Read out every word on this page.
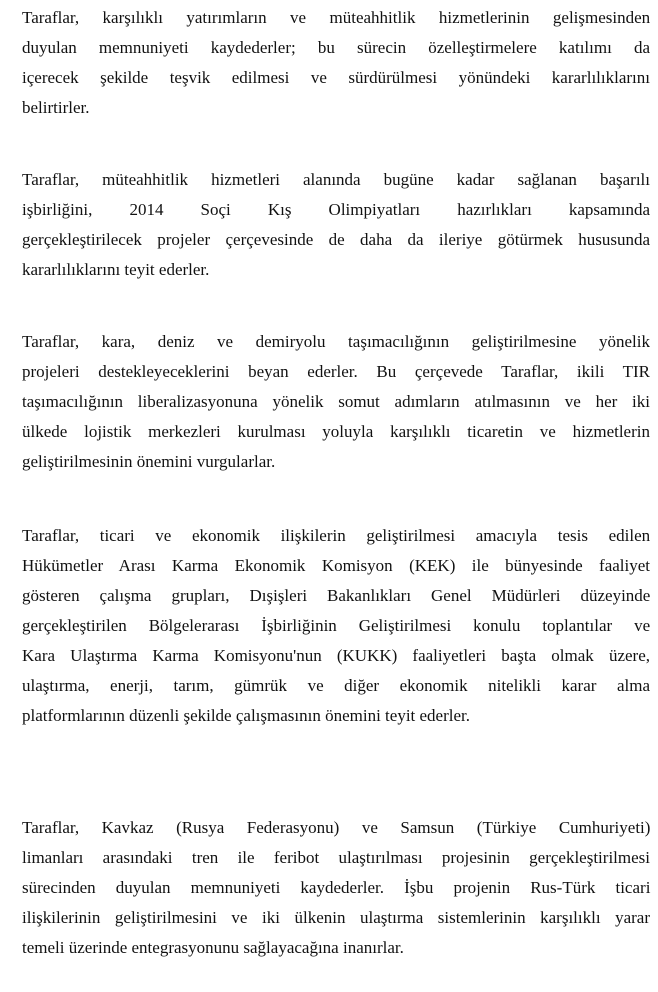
Taraflar, karşılıklı yatırımların ve müteahhitlik hizmetlerinin gelişmesinden
duyulan memnuniyeti kaydederler; bu sürecin özelleştirmelere katılımı da
içerecek şekilde teşvik edilmesi ve sürdürülmesi yönündeki kararlılıklarını
belirtirler.
Taraflar, müteahhitlik hizmetleri alanında bugüne kadar sağlanan başarılı
işbirliğini, 2014 Soçi Kış Olimpiyatları hazırlıkları kapsamında
gerçekleştirilecek projeler çerçevesinde de daha da ileriye götürmek hususunda
kararlılıklarını teyit ederler.
Taraflar, kara, deniz ve demiryolu taşımacılığının geliştirilmesine yönelik
projeleri destekleyeceklerini beyan ederler. Bu çerçevede Taraflar, ikili TIR
taşımacılığının liberalizasyonuna yönelik somut adımların atılmasının ve her iki
ülkede lojistik merkezleri kurulması yoluyla karşılıklı ticaretin ve hizmetlerin
geliştirilmesinin önemini vurgularlar.
Taraflar, ticari ve ekonomik ilişkilerin geliştirilmesi amacıyla tesis edilen
Hükümetler Arası Karma Ekonomik Komisyon (KEK) ile bünyesinde faaliyet
gösteren çalışma grupları, Dışişleri Bakanlıkları Genel Müdürleri düzeyinde
gerçekleştirilen Bölgelerarası İşbirliğinin Geliştirilmesi konulu toplantılar ve
Kara Ulaştırma Karma Komisyonu'nun (KUKK) faaliyetleri başta olmak üzere,
ulaştırma, enerji, tarım, gümrük ve diğer ekonomik nitelikli karar alma
platformlarının düzenli şekilde çalışmasının önemini teyit ederler.
Taraflar, Kavkaz (Rusya Federasyonu) ve Samsun (Türkiye Cumhuriyeti)
limanları arasındaki tren ile feribot ulaştırılması projesinin gerçekleştirilmesi
sürecinden duyulan memnuniyeti kaydederler. İşbu projenin Rus-Türk ticari
ilişkilerinin geliştirilmesini ve iki ülkenin ulaştırma sistemlerinin karşılıklı yarar
temeli üzerinde entegrasyonunu sağlayacağına inanırlar.
